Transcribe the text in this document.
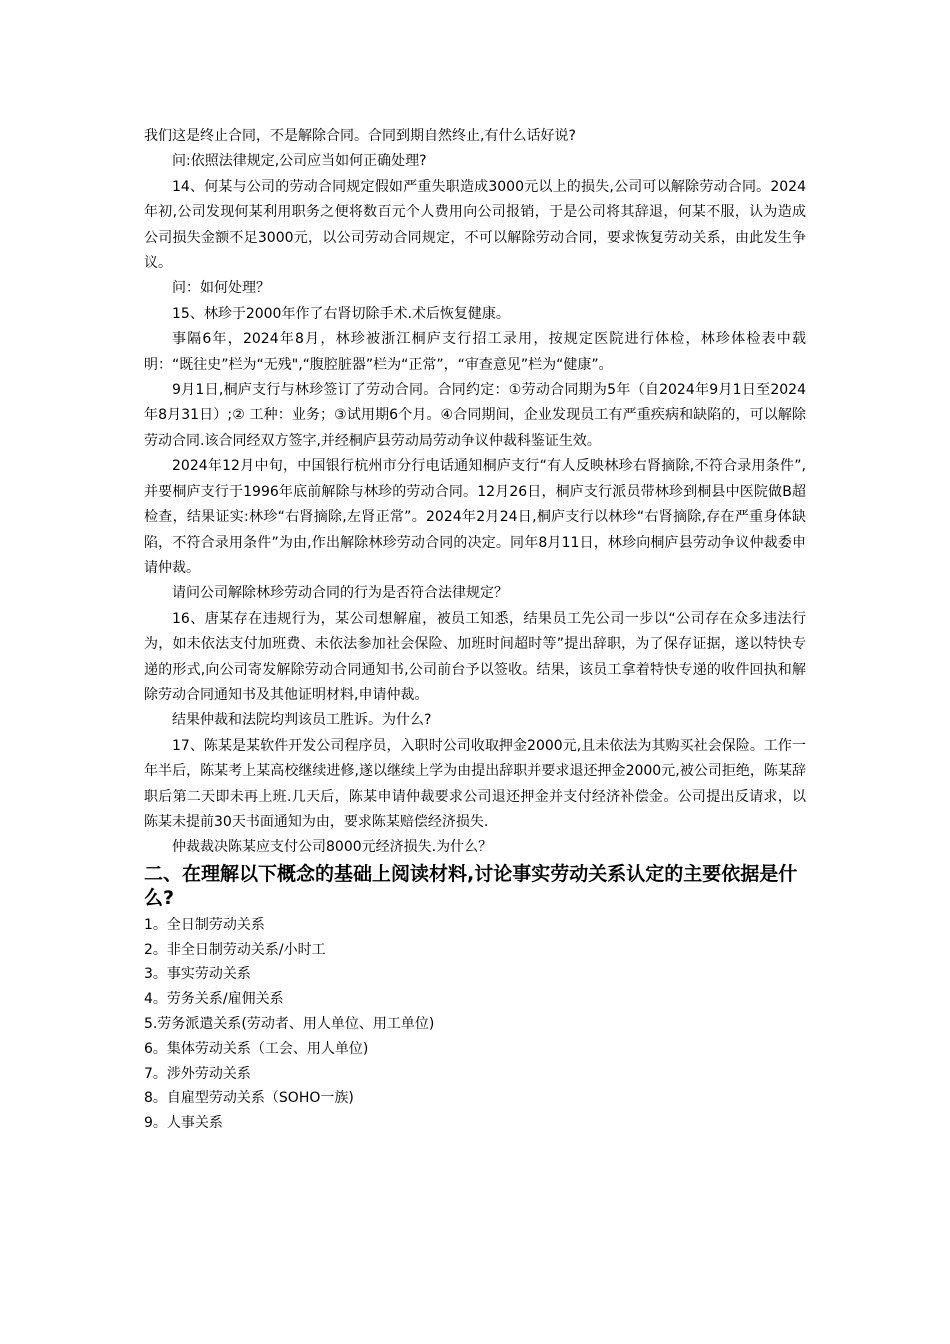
我们这是终止合同，不是解除合同。合同到期自然终止,有什么话好说?

问:依照法律规定,公司应当如何正确处理?

14、何某与公司的劳动合同规定假如严重失职造成3000元以上的损失,公司可以解除劳动合同。2024年初,公司发现何某利用职务之便将数百元个人费用向公司报销，于是公司将其辞退，何某不服，认为造成公司损失金额不足3000元，以公司劳动合同规定，不可以解除劳动合同，要求恢复劳动关系，由此发生争议。

问：如何处理？

15、林珍于2000年作了右肾切除手术.术后恢复健康。

事隔6年，2024年8月，林珍被浙江桐庐支行招工录用，按规定医院进行体检，林珍体检表中载明：“既往史”栏为“无残",“腹腔脏器”栏为“正常”，“审查意见”栏为“健康”。

9月1日,桐庐支行与林珍签订了劳动合同。合同约定：①劳动合同期为5年（自2024年9月1日至2024年8月31日）;② 工种：业务；③试用期6个月。④合同期间，企业发现员工有严重疾病和缺陷的，可以解除劳动合同.该合同经双方签字,并经桐庐县劳动局劳动争议仲裁科鉴证生效。

2024年12月中旬，中国银行杭州市分行电话通知桐庐支行“有人反映林珍右肾摘除,不符合录用条件”,并要桐庐支行于1996年底前解除与林珍的劳动合同。12月26日，桐庐支行派员带林珍到桐县中医院做B超检查，结果证实:林珍“右肾摘除,左肾正常”。2024年2月24日,桐庐支行以林珍“右肾摘除,存在严重身体缺陷，不符合录用条件”为由,作出解除林珍劳动合同的决定。同年8月11日，林珍向桐庐县劳动争议仲裁委申请仲裁。

请问公司解除林珍劳动合同的行为是否符合法律规定？

16、唐某存在违规行为，某公司想解雇，被员工知悉，结果员工先公司一步以“公司存在众多违法行为，如未依法支付加班费、未依法参加社会保险、加班时间超时等”提出辞职，为了保存证据，遂以特快专递的形式,向公司寄发解除劳动合同通知书,公司前台予以签收。结果，该员工拿着特快专递的收件回执和解除劳动合同通知书及其他证明材料,申请仲裁。

结果仲裁和法院均判该员工胜诉。为什么?

17、陈某是某软件开发公司程序员，入职时公司收取押金2000元,且未依法为其购买社会保险。工作一年半后，陈某考上某高校继续进修,遂以继续上学为由提出辞职并要求退还押金2000元,被公司拒绝，陈某辞职后第二天即未再上班.几天后，陈某申请仲裁要求公司退还押金并支付经济补偿金。公司提出反请求，以陈某未提前30天书面通知为由，要求陈某赔偿经济损失.

仲裁裁决陈某应支付公司8000元经济损失.为什么？

二、在理解以下概念的基础上阅读材料,讨论事实劳动关系认定的主要依据是什么?

1。全日制劳动关系

2。非全日制劳动关系/小时工

3。事实劳动关系

4。劳务关系/雇佣关系

5.劳务派遣关系(劳动者、用人单位、用工单位)

6。集体劳动关系（工会、用人单位)

7。涉外劳动关系

8。自雇型劳动关系（SOHO一族)

9。人事关系
